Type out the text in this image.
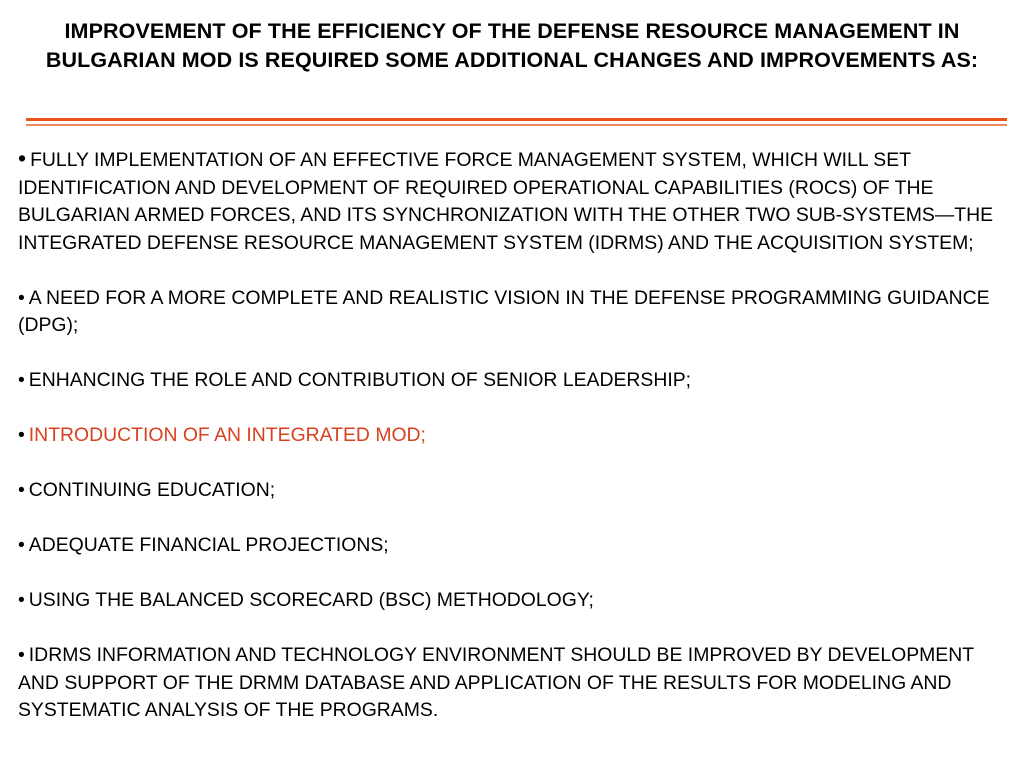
IMPROVEMENT OF THE EFFICIENCY OF THE DEFENSE RESOURCE MANAGEMENT IN BULGARIAN MOD IS REQUIRED SOME ADDITIONAL CHANGES AND IMPROVEMENTS AS:

• FULLY IMPLEMENTATION OF AN EFFECTIVE FORCE MANAGEMENT SYSTEM, WHICH WILL SET IDENTIFICATION AND DEVELOPMENT OF REQUIRED OPERATIONAL CAPABILITIES (ROCS) OF THE BULGARIAN ARMED FORCES, AND ITS SYNCHRONIZATION WITH THE OTHER TWO SUB-SYSTEMS—THE INTEGRATED DEFENSE RESOURCE MANAGEMENT SYSTEM (IDRMS) AND THE ACQUISITION SYSTEM;

• A NEED FOR A MORE COMPLETE AND REALISTIC VISION IN THE DEFENSE PROGRAMMING GUIDANCE (DPG);

• ENHANCING THE ROLE AND CONTRIBUTION OF SENIOR LEADERSHIP;

• INTRODUCTION OF AN INTEGRATED MOD;

• CONTINUING EDUCATION;

• ADEQUATE FINANCIAL PROJECTIONS;

• USING THE BALANCED SCORECARD (BSC) METHODOLOGY;

• IDRMS INFORMATION AND TECHNOLOGY ENVIRONMENT SHOULD BE IMPROVED BY DEVELOPMENT AND SUPPORT OF THE DRMM DATABASE AND APPLICATION OF THE RESULTS FOR MODELING AND SYSTEMATIC ANALYSIS OF THE PROGRAMS.
